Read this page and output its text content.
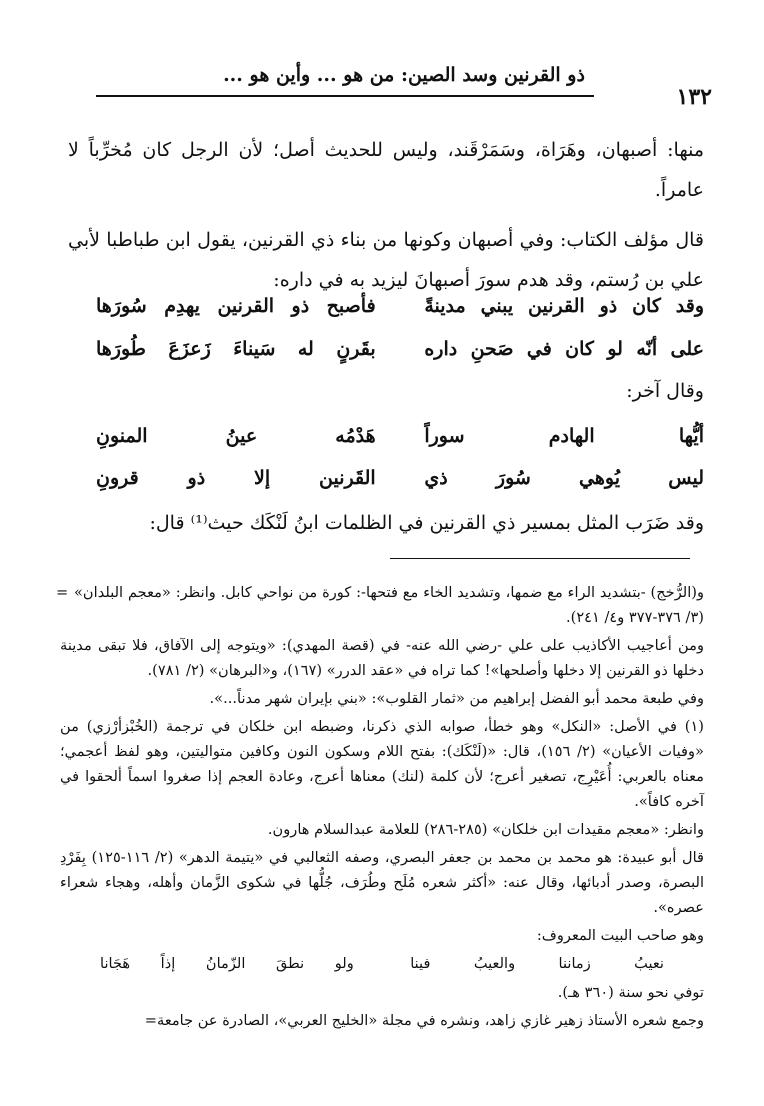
ذو القرنين وسد الصين: من هو ... وأين هو ...
١٣٢

منها: أصبهان، وهَرَاة، وسَمَرْقَند، وليس للحديث أصل؛ لأن الرجل كان مُخرِّباً لا عامراً.

قال مؤلف الكتاب: وفي أصبهان وكونها من بناء ذي القرنين، يقول ابن طباطبا لأبي علي بن رُستم، وقد هدم سورَ أصبهانَ ليزيد به في داره:

وقد كان ذو القرنين يبني مدينةً
فأصبح ذو القرنين يهدِم سُورَها
على أنّه لو كان في صَحنِ داره
بقَرنٍ له سَيناءَ زَعزَعَ طُورَها
وقال آخر:
أيُّها الهادم سوراً
هَدْمُه عينُ المنونِ
ليس يُوهي سُورَ ذي
القَرنين إلا ذو قرونِ
وقد ضَرَب المثل بمسير ذي القرنين في الظلمات ابنُ لَنْكَك حيث⁽¹⁾ قال:
= و(الرُّخج) -بتشديد الراء مع ضمها، وتشديد الخاء مع فتحها-: كورة من نواحي كابل. وانظر: «معجم البلدان» (٣/ ٣٧٦-٣٧٧ و٤/ ٢٤١).

ومن أعاجيب الأكاذيب على علي -رضي الله عنه- في (قصة المهدي): «ويتوجه إلى الآفاق، فلا تبقى مدينة دخلها ذو القرنين إلا دخلها وأصلحها»! كما تراه في «عقد الدرر» (١٦٧)، و«البرهان» (٢/ ٧٨١).

وفي طبعة محمد أبو الفضل إبراهيم من «ثمار القلوب»: «بني بإيران شهر مدناً...».

(١) في الأصل: «النكل» وهو خطأ، صوابه الذي ذكرنا، وضبطه ابن خلكان في ترجمة (الخُبْزأرْزي) من «وفيات الأعيان» (٢/ ١٥٦)، قال: «(لَنْكَك): بفتح اللام وسكون النون وكافين متواليتين، وهو لفظ أعجمي؛ معناه بالعربي: أُعَيْرِج، تصغير أعرج؛ لأن كلمة (لنك) معناها أعرج، وعادة العجم إذا صغروا اسماً ألحقوا في آخره كافاً».

وانظر: «معجم مقيدات ابن خلكان» (٢٨٥-٢٨٦) للعلامة عبدالسلام هارون.

قال أبو عبيدة: هو محمد بن محمد بن جعفر البصري، وصفه الثعالبي في «يتيمة الدهر» (٢/ ١١٦-١٢٥) بِفَرْدِ البصرة، وصدر أدبائها، وقال عنه: «أكثر شعره مُلَح وطُرَف، جُلُّها في شكوى الزَّمان وأهله، وهجاء شعراء عصره».

وهو صاحب البيت المعروف:

نعيبُ زماننا والعيبُ فينا
ولو نطقَ الزّمانُ إذاً هَجَانا

توفي نحو سنة (٣٦٠ هـ).

وجمع شعره الأستاذ زهير غازي زاهد، ونشره في مجلة «الخليج العربي»، الصادرة عن جامعة=
